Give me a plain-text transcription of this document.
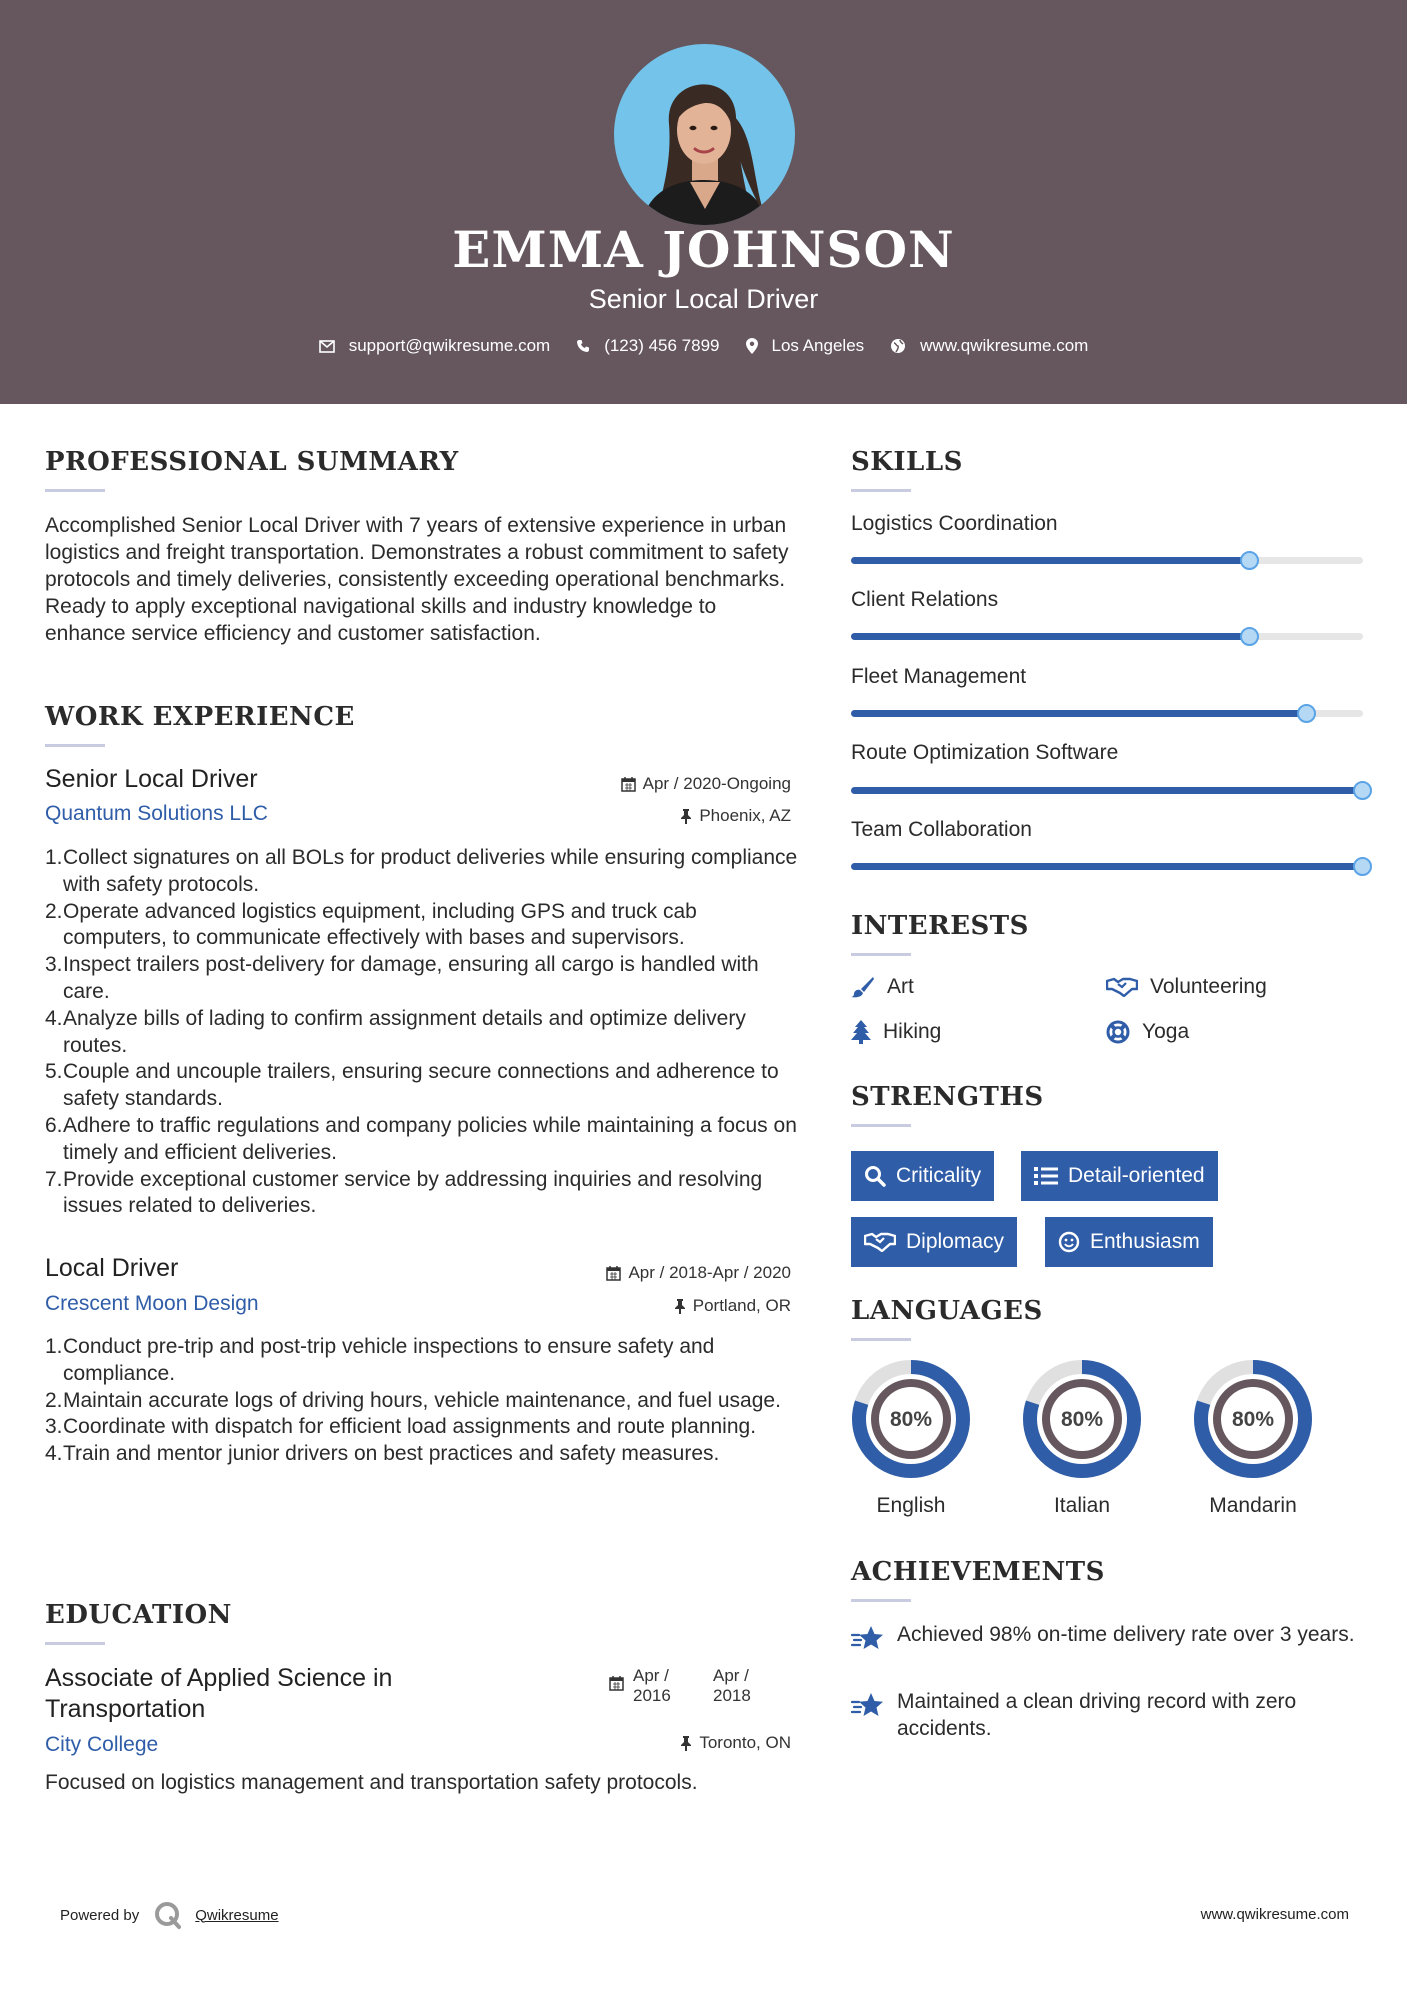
EMMA JOHNSON
Senior Local Driver
support@qwikresume.com	(123) 456 7899	Los Angeles	www.qwikresume.com
PROFESSIONAL SUMMARY
Accomplished Senior Local Driver with 7 years of extensive experience in urban logistics and freight transportation. Demonstrates a robust commitment to safety protocols and timely deliveries, consistently exceeding operational benchmarks. Ready to apply exceptional navigational skills and industry knowledge to enhance service efficiency and customer satisfaction.
WORK EXPERIENCE
Senior Local Driver	Apr / 2020-Ongoing
Quantum Solutions LLC	Phoenix, AZ
1. Collect signatures on all BOLs for product deliveries while ensuring compliance with safety protocols.
2. Operate advanced logistics equipment, including GPS and truck cab computers, to communicate effectively with bases and supervisors.
3. Inspect trailers post-delivery for damage, ensuring all cargo is handled with care.
4. Analyze bills of lading to confirm assignment details and optimize delivery routes.
5. Couple and uncouple trailers, ensuring secure connections and adherence to safety standards.
6. Adhere to traffic regulations and company policies while maintaining a focus on timely and efficient deliveries.
7. Provide exceptional customer service by addressing inquiries and resolving issues related to deliveries.
Local Driver	Apr / 2018-Apr / 2020
Crescent Moon Design	Portland, OR
1. Conduct pre-trip and post-trip vehicle inspections to ensure safety and compliance.
2. Maintain accurate logs of driving hours, vehicle maintenance, and fuel usage.
3. Coordinate with dispatch for efficient load assignments and route planning.
4. Train and mentor junior drivers on best practices and safety measures.
EDUCATION
Associate of Applied Science in Transportation
Apr / 2016
Apr / 2018
City College	Toronto, ON
Focused on logistics management and transportation safety protocols.
SKILLS
Logistics Coordination
Client Relations
Fleet Management
Route Optimization Software
Team Collaboration
INTERESTS
Art	Volunteering
Hiking	Yoga
STRENGTHS
Criticality	Detail-oriented
Diplomacy	Enthusiasm
LANGUAGES
80%
English
80%
Italian
80%
Mandarin
ACHIEVEMENTS
Achieved 98% on-time delivery rate over 3 years.
Maintained a clean driving record with zero accidents.
Powered by	Qwikresume	www.qwikresume.com
